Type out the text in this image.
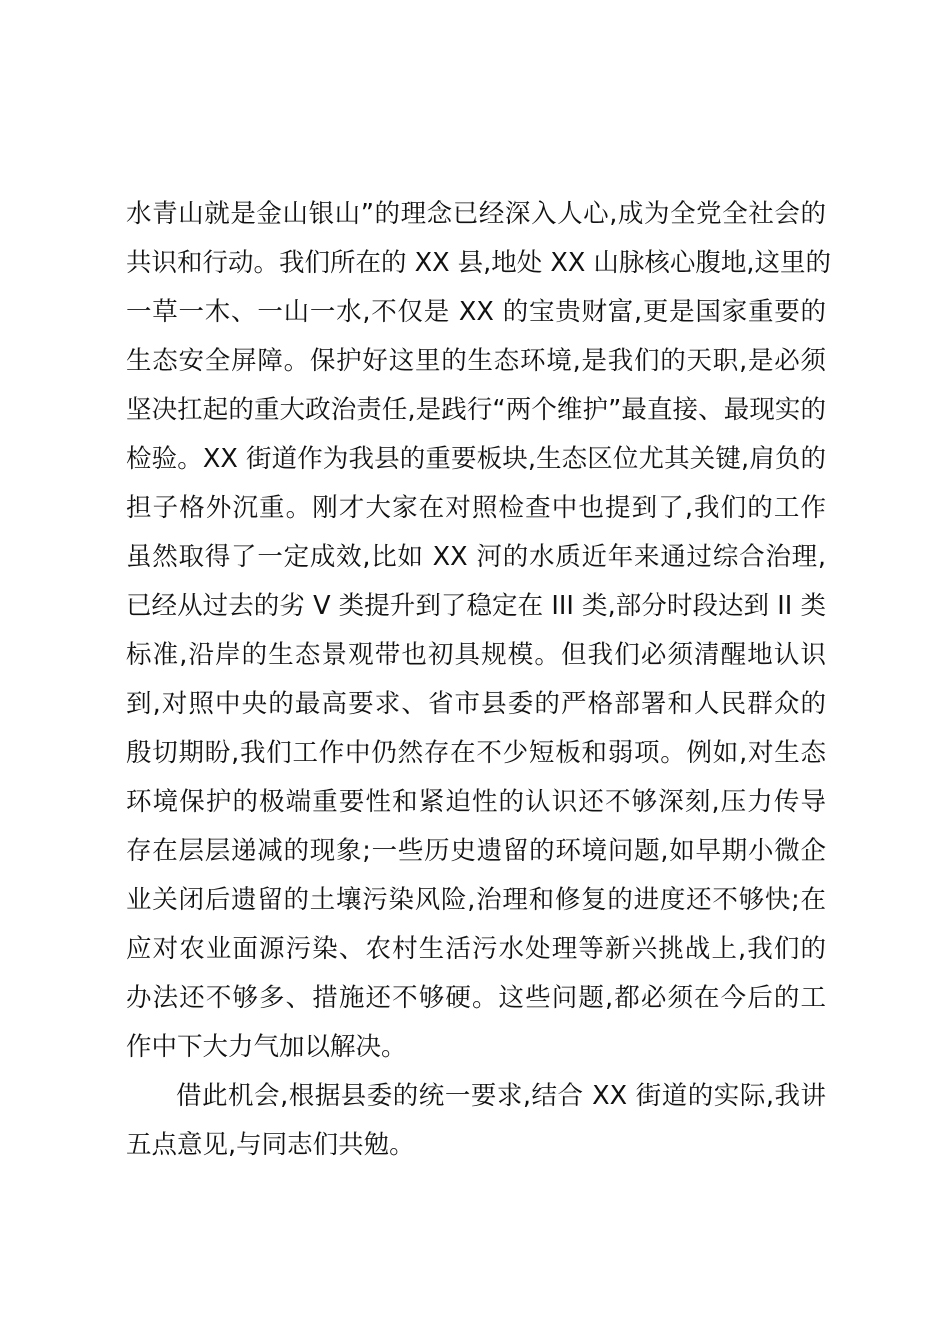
水青山就是金山银山”的理念已经深入人心,成为全党全社会的
共识和行动。我们所在的 XX 县,地处 XX 山脉核心腹地,这里的
一草一木、一山一水,不仅是 XX 的宝贵财富,更是国家重要的
生态安全屏障。保护好这里的生态环境,是我们的天职,是必须
坚决扛起的重大政治责任,是践行“两个维护”最直接、最现实的
检验。XX 街道作为我县的重要板块,生态区位尤其关键,肩负的
担子格外沉重。刚才大家在对照检查中也提到了,我们的工作
虽然取得了一定成效,比如 XX 河的水质近年来通过综合治理,
已经从过去的劣 V 类提升到了稳定在 III 类,部分时段达到 II 类
标准,沿岸的生态景观带也初具规模。但我们必须清醒地认识
到,对照中央的最高要求、省市县委的严格部署和人民群众的
殷切期盼,我们工作中仍然存在不少短板和弱项。例如,对生态
环境保护的极端重要性和紧迫性的认识还不够深刻,压力传导
存在层层递减的现象;一些历史遗留的环境问题,如早期小微企
业关闭后遗留的土壤污染风险,治理和修复的进度还不够快;在
应对农业面源污染、农村生活污水处理等新兴挑战上,我们的
办法还不够多、措施还不够硬。这些问题,都必须在今后的工
作中下大力气加以解决。
借此机会,根据县委的统一要求,结合 XX 街道的实际,我讲
五点意见,与同志们共勉。
